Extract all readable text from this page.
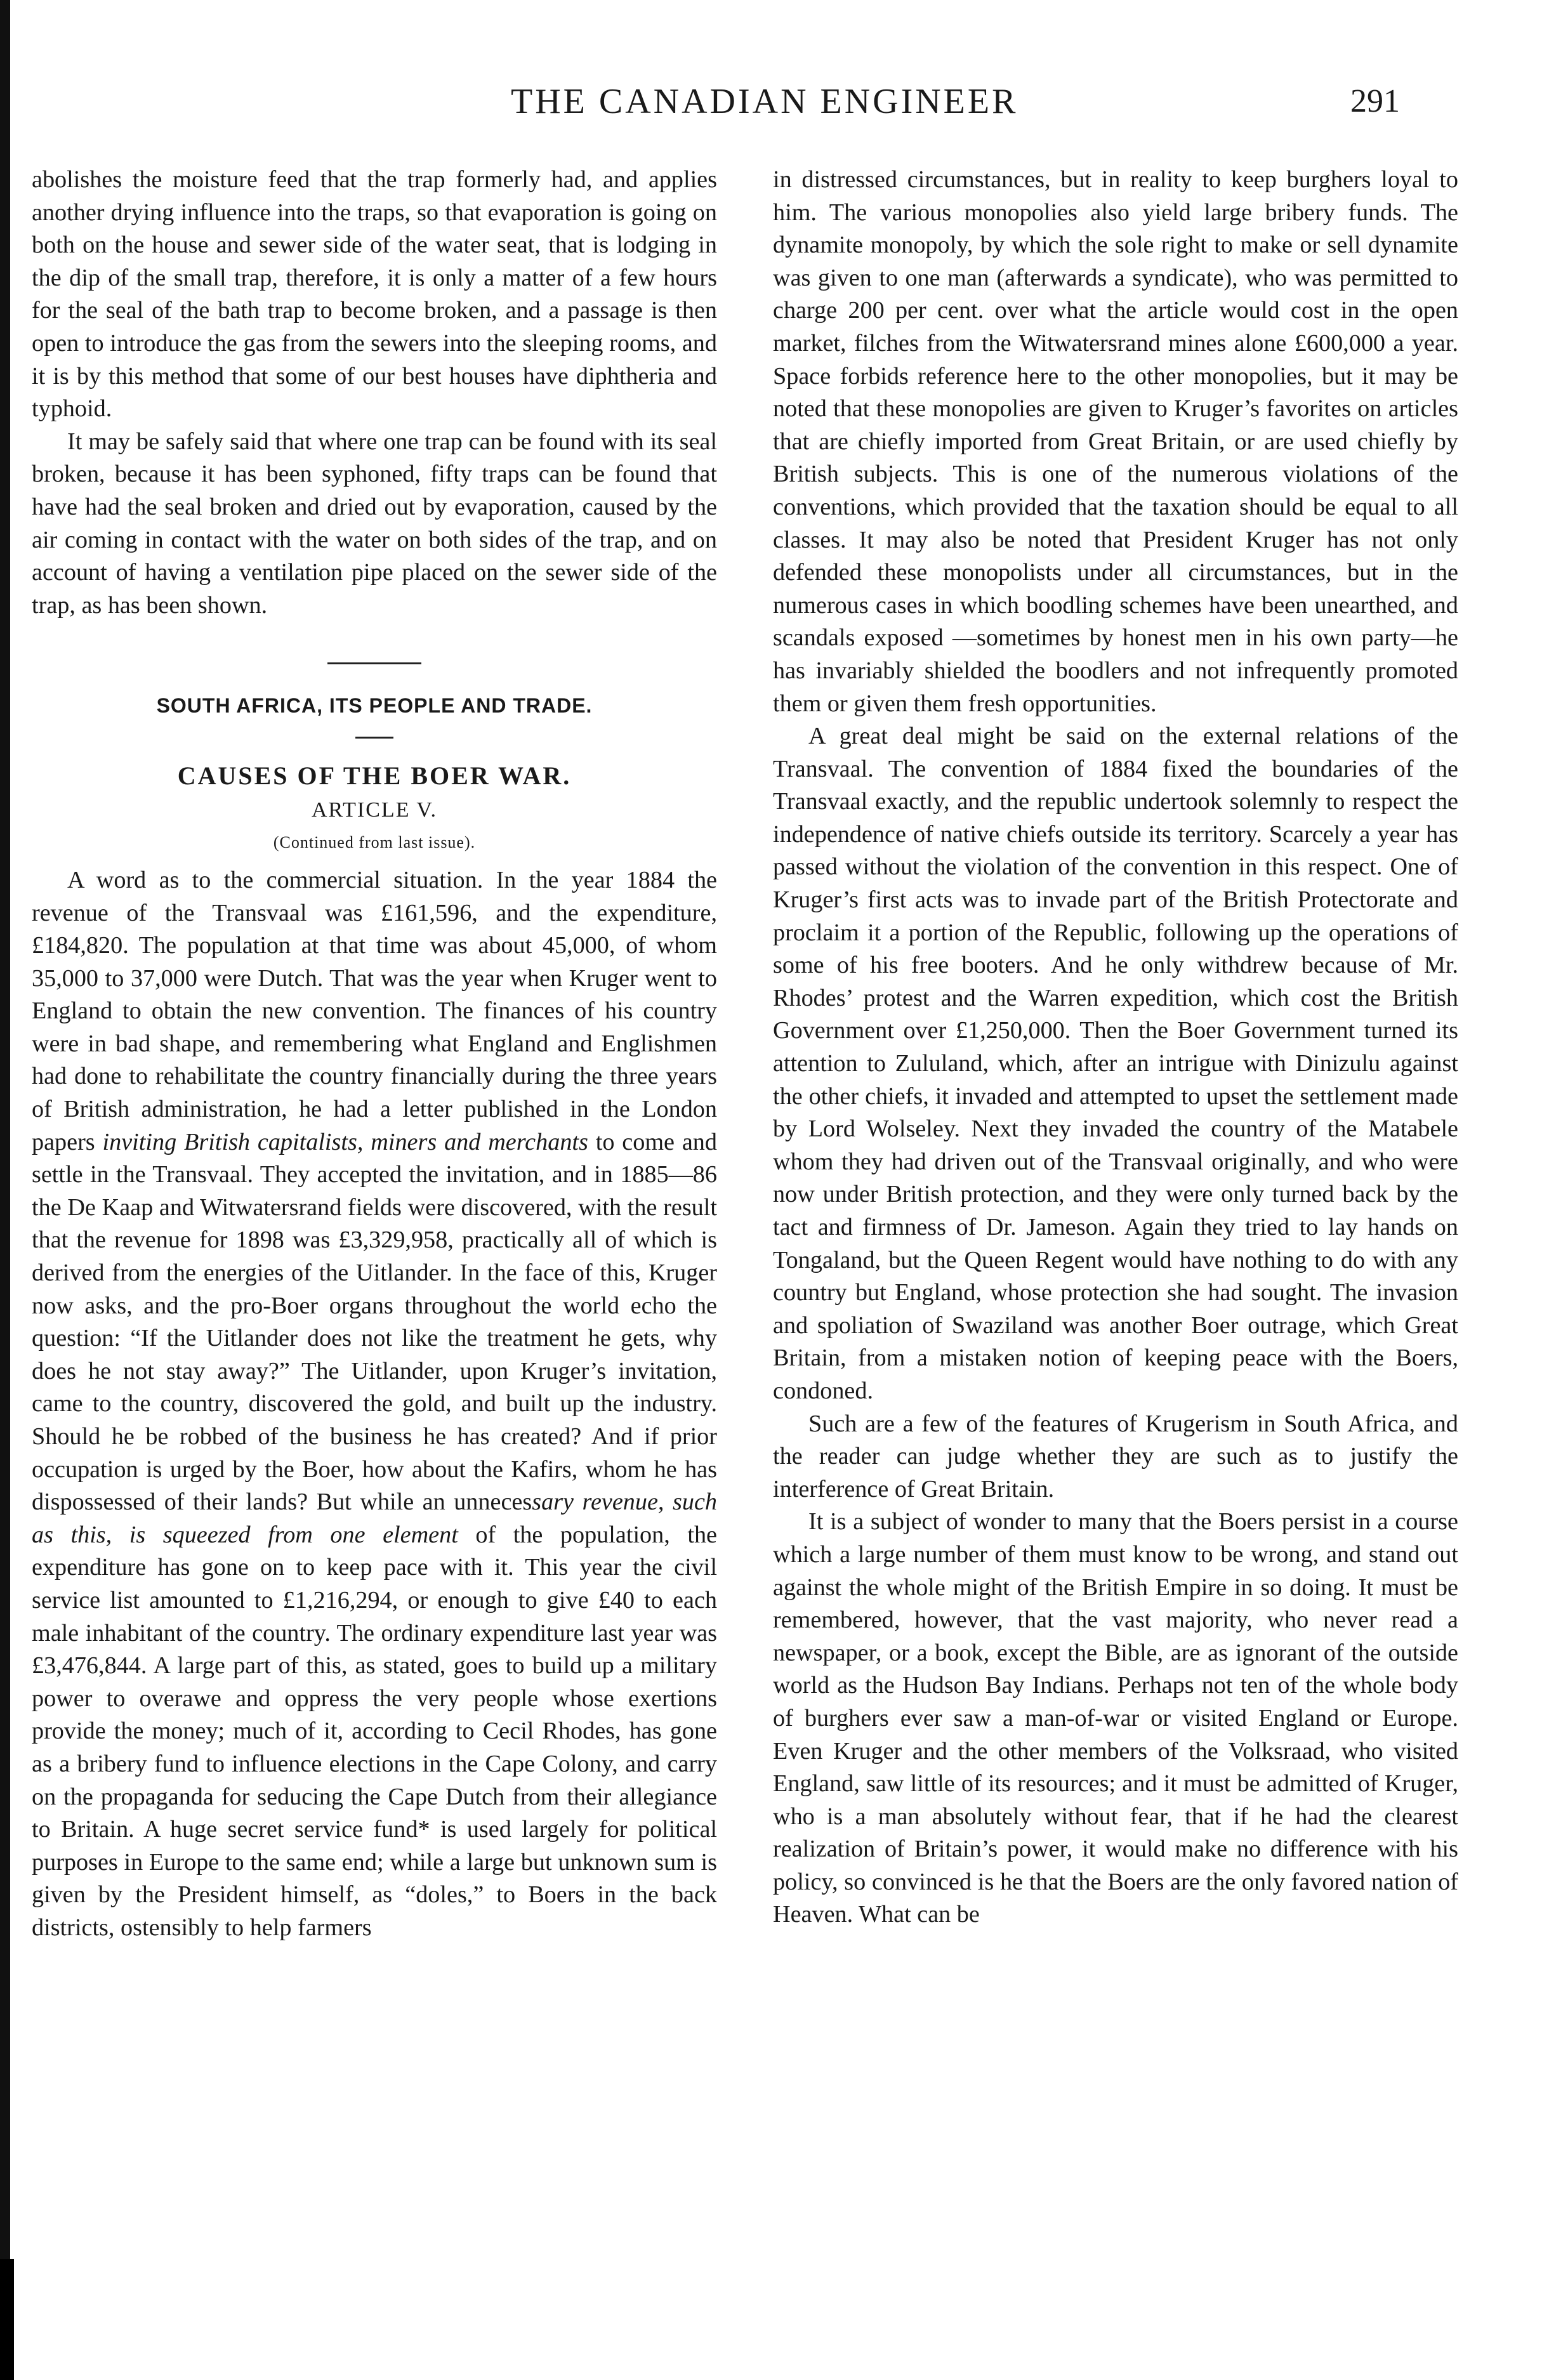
THE CANADIAN ENGINEER	291

abolishes the moisture feed that the trap formerly had, and applies another drying influence into the traps, so that evaporation is going on both on the house and sewer side of the water seat, that is lodging in the dip of the small trap, therefore, it is only a matter of a few hours for the seal of the bath trap to become broken, and a passage is then open to introduce the gas from the sewers into the sleeping rooms, and it is by this method that some of our best houses have diphtheria and typhoid.

It may be safely said that where one trap can be found with its seal broken, because it has been syphoned, fifty traps can be found that have had the seal broken and dried out by evaporation, caused by the air coming in contact with the water on both sides of the trap, and on account of having a ventilation pipe placed on the sewer side of the trap, as has been shown.

SOUTH AFRICA, ITS PEOPLE AND TRADE.
CAUSES OF THE BOER WAR.
ARTICLE V.
(Continued from last issue).

A word as to the commercial situation. In the year 1884 the revenue of the Transvaal was £161,596, and the expenditure, £184,820. The population at that time was about 45,000, of whom 35,000 to 37,000 were Dutch. That was the year when Kruger went to England to obtain the new convention. The finances of his country were in bad shape, and remembering what England and Englishmen had done to rehabilitate the country financially during the three years of British administration, he had a letter published in the London papers inviting British capitalists, miners and merchants to come and settle in the Transvaal. They accepted the invitation, and in 1885—86 the De Kaap and Witwatersrand fields were discovered, with the result that the revenue for 1898 was £3,329,958, practically all of which is derived from the energies of the Uitlander. In the face of this, Kruger now asks, and the pro-Boer organs throughout the world echo the question: “If the Uitlander does not like the treatment he gets, why does he not stay away?” The Uitlander, upon Kruger’s invitation, came to the country, discovered the gold, and built up the industry. Should he be robbed of the business he has created? And if prior occupation is urged by the Boer, how about the Kafirs, whom he has dispossessed of their lands? But while an unnecessary revenue, such as this, is squeezed from one element of the population, the expenditure has gone on to keep pace with it. This year the civil service list amounted to £1,216,294, or enough to give £40 to each male inhabitant of the country. The ordinary expenditure last year was £3,476,844. A large part of this, as stated, goes to build up a military power to overawe and oppress the very people whose exertions provide the money; much of it, according to Cecil Rhodes, has gone as a bribery fund to influence elections in the Cape Colony, and carry on the propaganda for seducing the Cape Dutch from their allegiance to Britain. A huge secret service fund* is used largely for political purposes in Europe to the same end; while a large but unknown sum is given by the President himself, as “doles,” to Boers in the back districts, ostensibly to help farmers

in distressed circumstances, but in reality to keep burghers loyal to him. The various monopolies also yield large bribery funds. The dynamite monopoly, by which the sole right to make or sell dynamite was given to one man (afterwards a syndicate), who was permitted to charge 200 per cent. over what the article would cost in the open market, filches from the Witwatersrand mines alone £600,000 a year. Space forbids reference here to the other monopolies, but it may be noted that these monopolies are given to Kruger’s favorites on articles that are chiefly imported from Great Britain, or are used chiefly by British subjects. This is one of the numerous violations of the conventions, which provided that the taxation should be equal to all classes. It may also be noted that President Kruger has not only defended these monopolists under all circumstances, but in the numerous cases in which boodling schemes have been unearthed, and scandals exposed —sometimes by honest men in his own party—he has invariably shielded the boodlers and not infrequently promoted them or given them fresh opportunities.

A great deal might be said on the external relations of the Transvaal. The convention of 1884 fixed the boundaries of the Transvaal exactly, and the republic undertook solemnly to respect the independence of native chiefs outside its territory. Scarcely a year has passed without the violation of the convention in this respect. One of Kruger’s first acts was to invade part of the British Protectorate and proclaim it a portion of the Republic, following up the operations of some of his free booters. And he only withdrew because of Mr. Rhodes’ protest and the Warren expedition, which cost the British Government over £1,250,000. Then the Boer Government turned its attention to Zululand, which, after an intrigue with Dinizulu against the other chiefs, it invaded and attempted to upset the settlement made by Lord Wolseley. Next they invaded the country of the Matabele whom they had driven out of the Transvaal originally, and who were now under British protection, and they were only turned back by the tact and firmness of Dr. Jameson. Again they tried to lay hands on Tongaland, but the Queen Regent would have nothing to do with any country but England, whose protection she had sought. The invasion and spoliation of Swaziland was another Boer outrage, which Great Britain, from a mistaken notion of keeping peace with the Boers, condoned.

Such are a few of the features of Krugerism in South Africa, and the reader can judge whether they are such as to justify the interference of Great Britain.

It is a subject of wonder to many that the Boers persist in a course which a large number of them must know to be wrong, and stand out against the whole might of the British Empire in so doing. It must be remembered, however, that the vast majority, who never read a newspaper, or a book, except the Bible, are as ignorant of the outside world as the Hudson Bay Indians. Perhaps not ten of the whole body of burghers ever saw a man-of-war or visited England or Europe. Even Kruger and the other members of the Volksraad, who visited England, saw little of its resources; and it must be admitted of Kruger, who is a man absolutely without fear, that if he had the clearest realization of Britain’s power, it would make no difference with his policy, so convinced is he that the Boers are the only favored nation of Heaven. What can be
